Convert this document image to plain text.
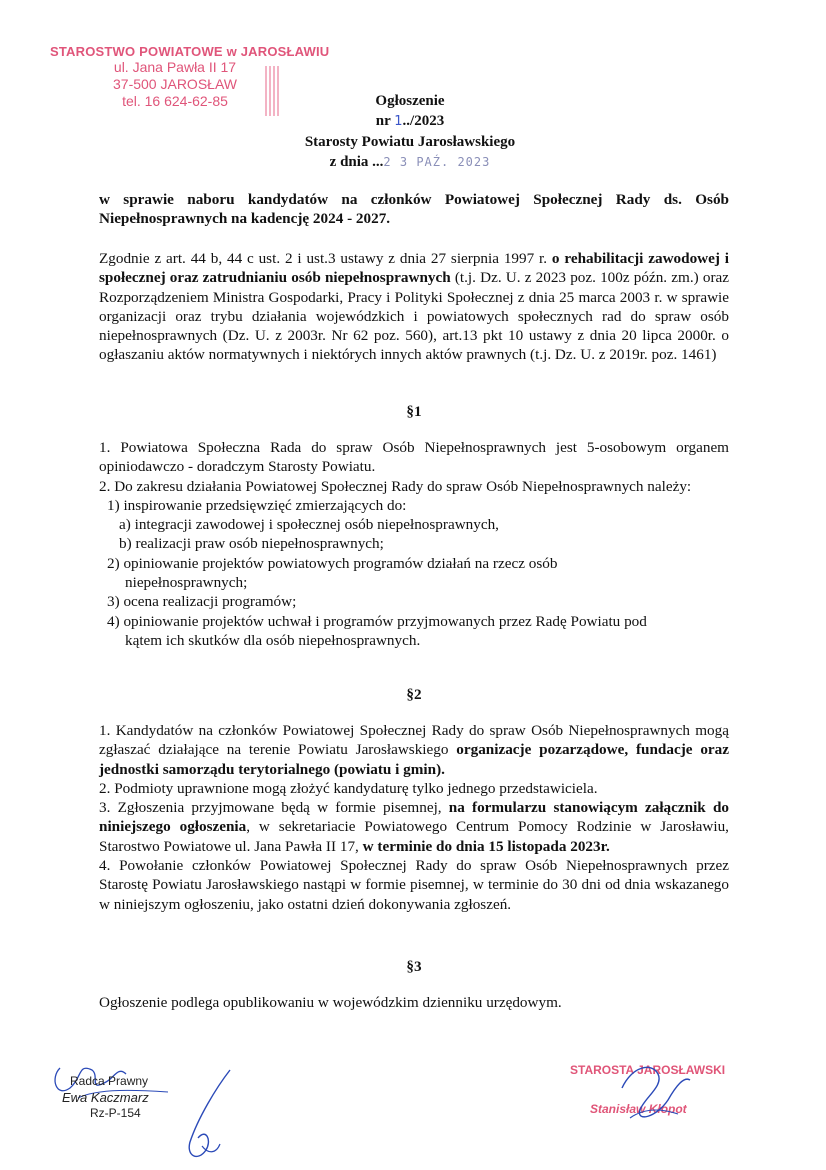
STAROSTWO POWIATOWE w JAROSŁAWIU
ul. Jana Pawła II 17
37-500 JAROSŁAW
tel. 16 624-62-85	Ogłoszenie
nr 1../2023
Starosty Powiatu Jarosławskiego
z dnia ...2 3 PAŹ. 2023
w sprawie naboru kandydatów na członków Powiatowej Społecznej Rady ds. Osób Niepełnosprawnych na kadencję 2024 - 2027.
Zgodnie z art. 44 b, 44 c ust. 2 i ust.3 ustawy z dnia 27 sierpnia 1997 r. o rehabilitacji zawodowej i społecznej oraz zatrudnianiu osób niepełnosprawnych (t.j. Dz. U. z 2023 poz. 100z późn. zm.) oraz Rozporządzeniem Ministra Gospodarki, Pracy i Polityki Społecznej z dnia 25 marca 2003 r. w sprawie organizacji oraz trybu działania wojewódzkich i powiatowych społecznych rad do spraw osób niepełnosprawnych (Dz. U. z 2003r. Nr 62 poz. 560), art.13 pkt 10 ustawy z dnia 20 lipca 2000r. o ogłaszaniu aktów normatywnych i niektórych innych aktów prawnych (t.j. Dz. U. z 2019r. poz. 1461)
§1

1. Powiatowa Społeczna Rada do spraw Osób Niepełnosprawnych jest 5-osobowym organem opiniodawczo - doradczym Starosty Powiatu.

2. Do zakresu działania Powiatowej Społecznej Rady do spraw Osób Niepełnosprawnych należy:

1) inspirowanie przedsięwzięć zmierzających do:

a) integracji zawodowej i społecznej osób niepełnosprawnych,

b) realizacji praw osób niepełnosprawnych;

2) opiniowanie projektów powiatowych programów działań na rzecz osób

niepełnosprawnych;

3) ocena realizacji programów;

4) opiniowanie projektów uchwał i programów przyjmowanych przez Radę Powiatu pod

kątem ich skutków dla osób niepełnosprawnych.

§2

1. Kandydatów na członków Powiatowej Społecznej Rady do spraw Osób Niepełnosprawnych mogą zgłaszać działające na terenie Powiatu Jarosławskiego organizacje pozarządowe, fundacje oraz jednostki samorządu terytorialnego (powiatu i gmin).

2. Podmioty uprawnione mogą złożyć kandydaturę tylko jednego przedstawiciela.

3. Zgłoszenia przyjmowane będą w formie pisemnej, na formularzu stanowiącym załącznik do niniejszego ogłoszenia, w sekretariacie Powiatowego Centrum Pomocy Rodzinie w Jarosławiu, Starostwo Powiatowe ul. Jana Pawła II 17, w terminie do dnia 15 listopada 2023r.

4. Powołanie członków Powiatowej Społecznej Rady do spraw Osób Niepełnosprawnych przez Starostę Powiatu Jarosławskiego nastąpi w formie pisemnej, w terminie do 30 dni od dnia wskazanego w niniejszym ogłoszeniu, jako ostatni dzień dokonywania zgłoszeń.

§3
Ogłoszenie podlega opublikowaniu w wojewódzkim dzienniku urzędowym.
Radca Prawny
Ewa Kaczmarz
Rz-P-154
STAROSTA JAROSŁAWSKI
Stanisław Kłopot
